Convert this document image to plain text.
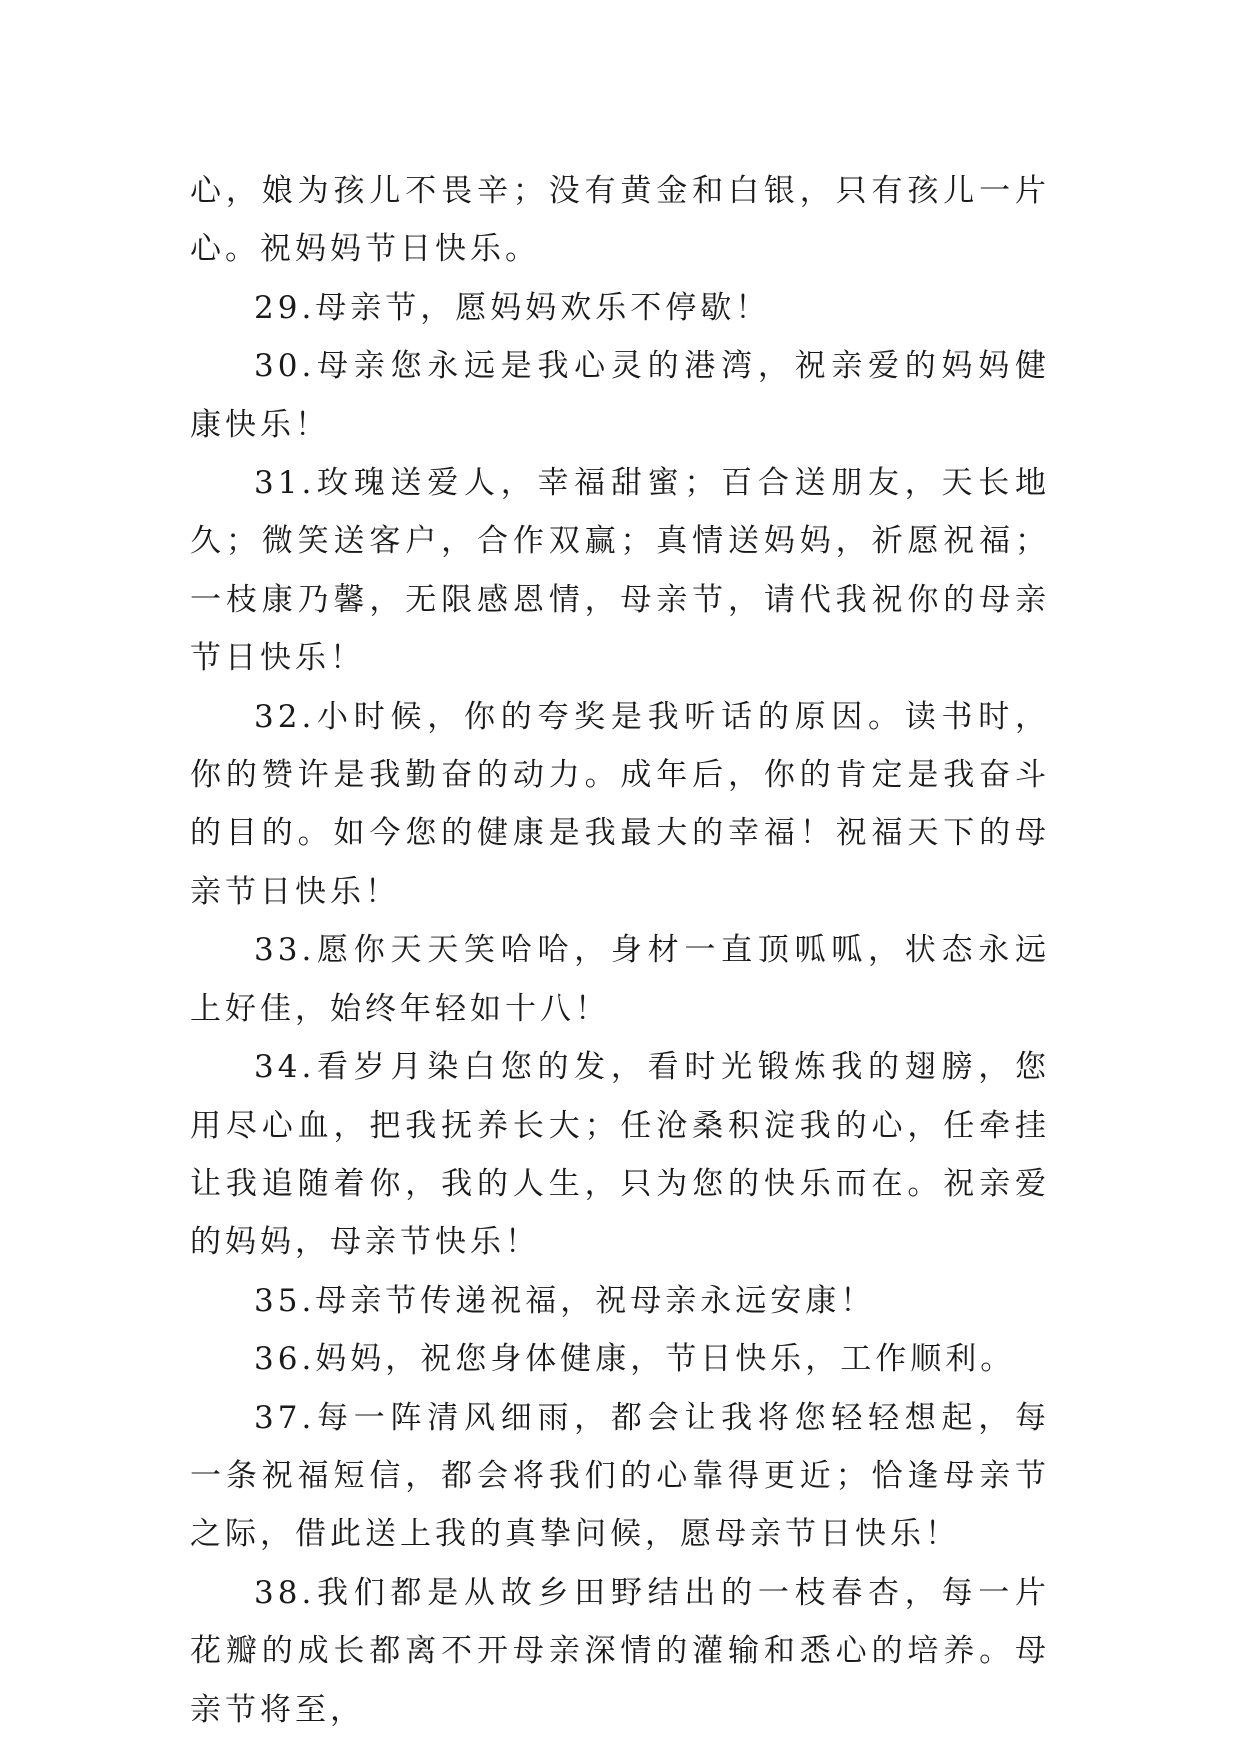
心，娘为孩儿不畏辛；没有黄金和白银，只有孩儿一片心。祝妈妈节日快乐。

29.母亲节，愿妈妈欢乐不停歇！

30.母亲您永远是我心灵的港湾，祝亲爱的妈妈健康快乐！

31.玫瑰送爱人，幸福甜蜜；百合送朋友，天长地久；微笑送客户，合作双赢；真情送妈妈，祈愿祝福；一枝康乃馨，无限感恩情，母亲节，请代我祝你的母亲节日快乐！

32.小时候，你的夸奖是我听话的原因。读书时，你的赞许是我勤奋的动力。成年后，你的肯定是我奋斗的目的。如今您的健康是我最大的幸福！祝福天下的母亲节日快乐！

33.愿你天天笑哈哈，身材一直顶呱呱，状态永远上好佳，始终年轻如十八！

34.看岁月染白您的发，看时光锻炼我的翅膀，您用尽心血，把我抚养长大；任沧桑积淀我的心，任牵挂让我追随着你，我的人生，只为您的快乐而在。祝亲爱的妈妈，母亲节快乐！

35.母亲节传递祝福，祝母亲永远安康！

36.妈妈，祝您身体健康，节日快乐，工作顺利。

37.每一阵清风细雨，都会让我将您轻轻想起，每一条祝福短信，都会将我们的心靠得更近；恰逢母亲节之际，借此送上我的真挚问候，愿母亲节日快乐！

38.我们都是从故乡田野结出的一枝春杏，每一片花瓣的成长都离不开母亲深情的灌输和悉心的培养。母亲节将至，
